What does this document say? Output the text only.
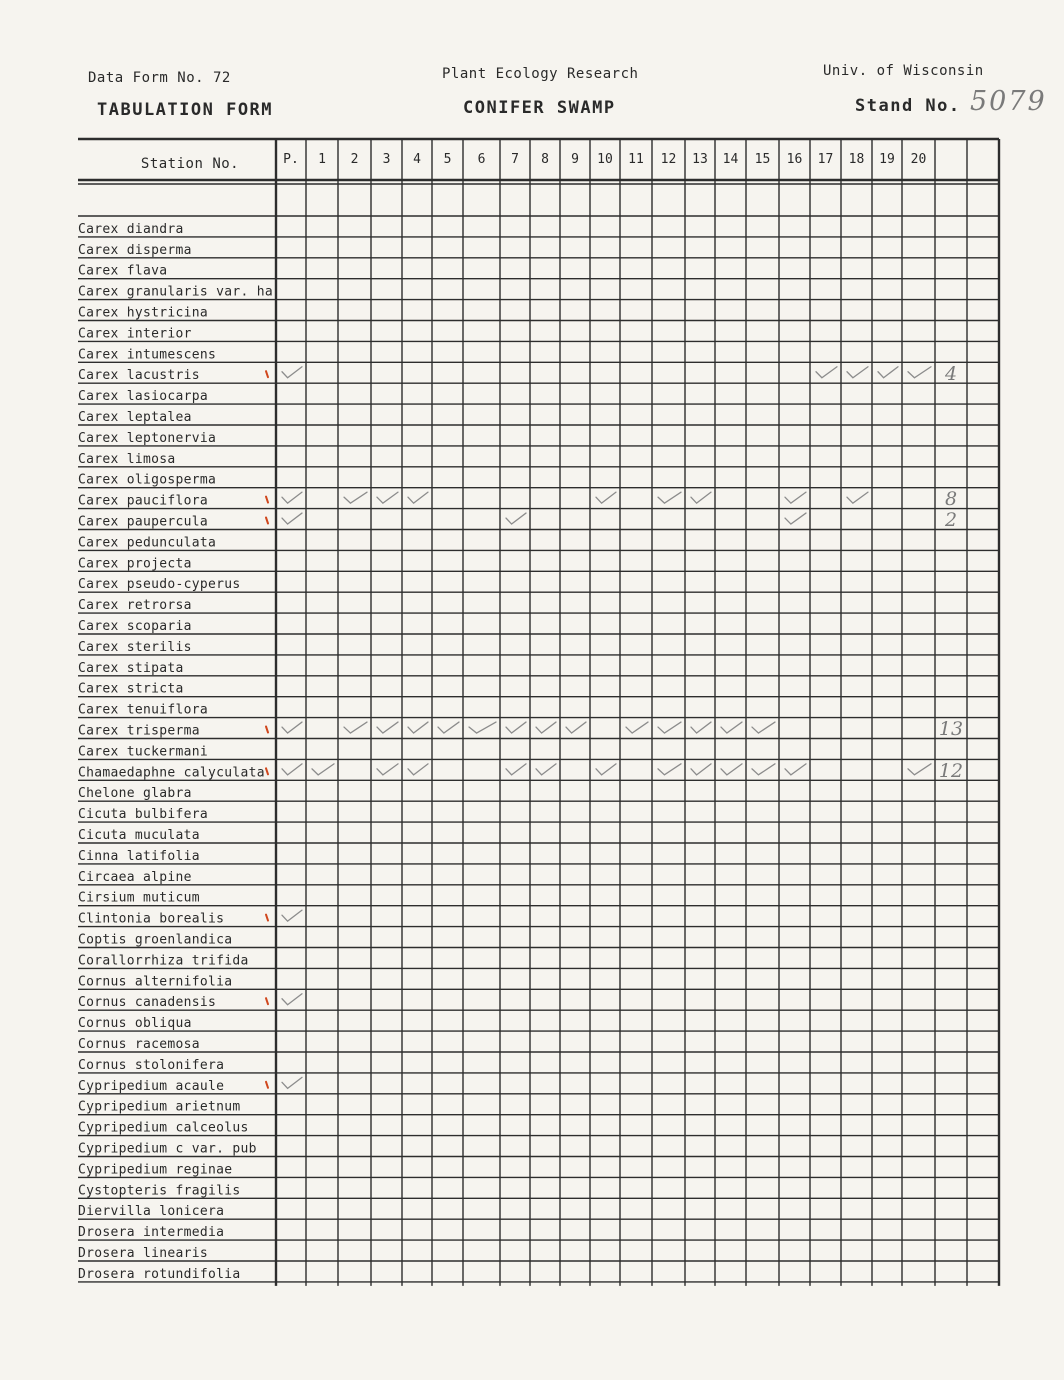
Data Form No. 72
TABULATION FORM
Plant Ecology Research
CONIFER SWAMP
Univ. of Wisconsin
Stand No. 5079
P. 1 2 3 4 5 6 7 8 9 10 11 12 13 14 15 16 17 18 19 20
Station No.
Carex diandra
Carex disperma
Carex flava
Carex granularis var. ha
Carex hystricina
Carex interior
Carex intumescens
Carex lacustris
Carex lasiocarpa
Carex leptalea
Carex leptonervia
Carex limosa
Carex oligosperma
Carex pauciflora
Carex paupercula
Carex pedunculata
Carex projecta
Carex pseudo-cyperus
Carex retrorsa
Carex scoparia
Carex sterilis
Carex stipata
Carex stricta
Carex tenuiflora
Carex trisperma
Carex tuckermani
Chamaedaphne calyculata
Chelone glabra
Cicuta bulbifera
Cicuta muculata
Cinna latifolia
Circaea alpine
Cirsium muticum
Clintonia borealis
Coptis groenlandica
Corallorrhiza trifida
Cornus alternifolia
Cornus canadensis
Cornus obliqua
Cornus racemosa
Cornus stolonifera
Cypripedium acaule
Cypripedium arietnum
Cypripedium calceolus
Cypripedium c var. pub
Cypripedium reginae
Cystopteris fragilis
Diervilla lonicera
Drosera intermedia
Drosera linearis
Drosera rotundifolia
4
8
2
13
12
